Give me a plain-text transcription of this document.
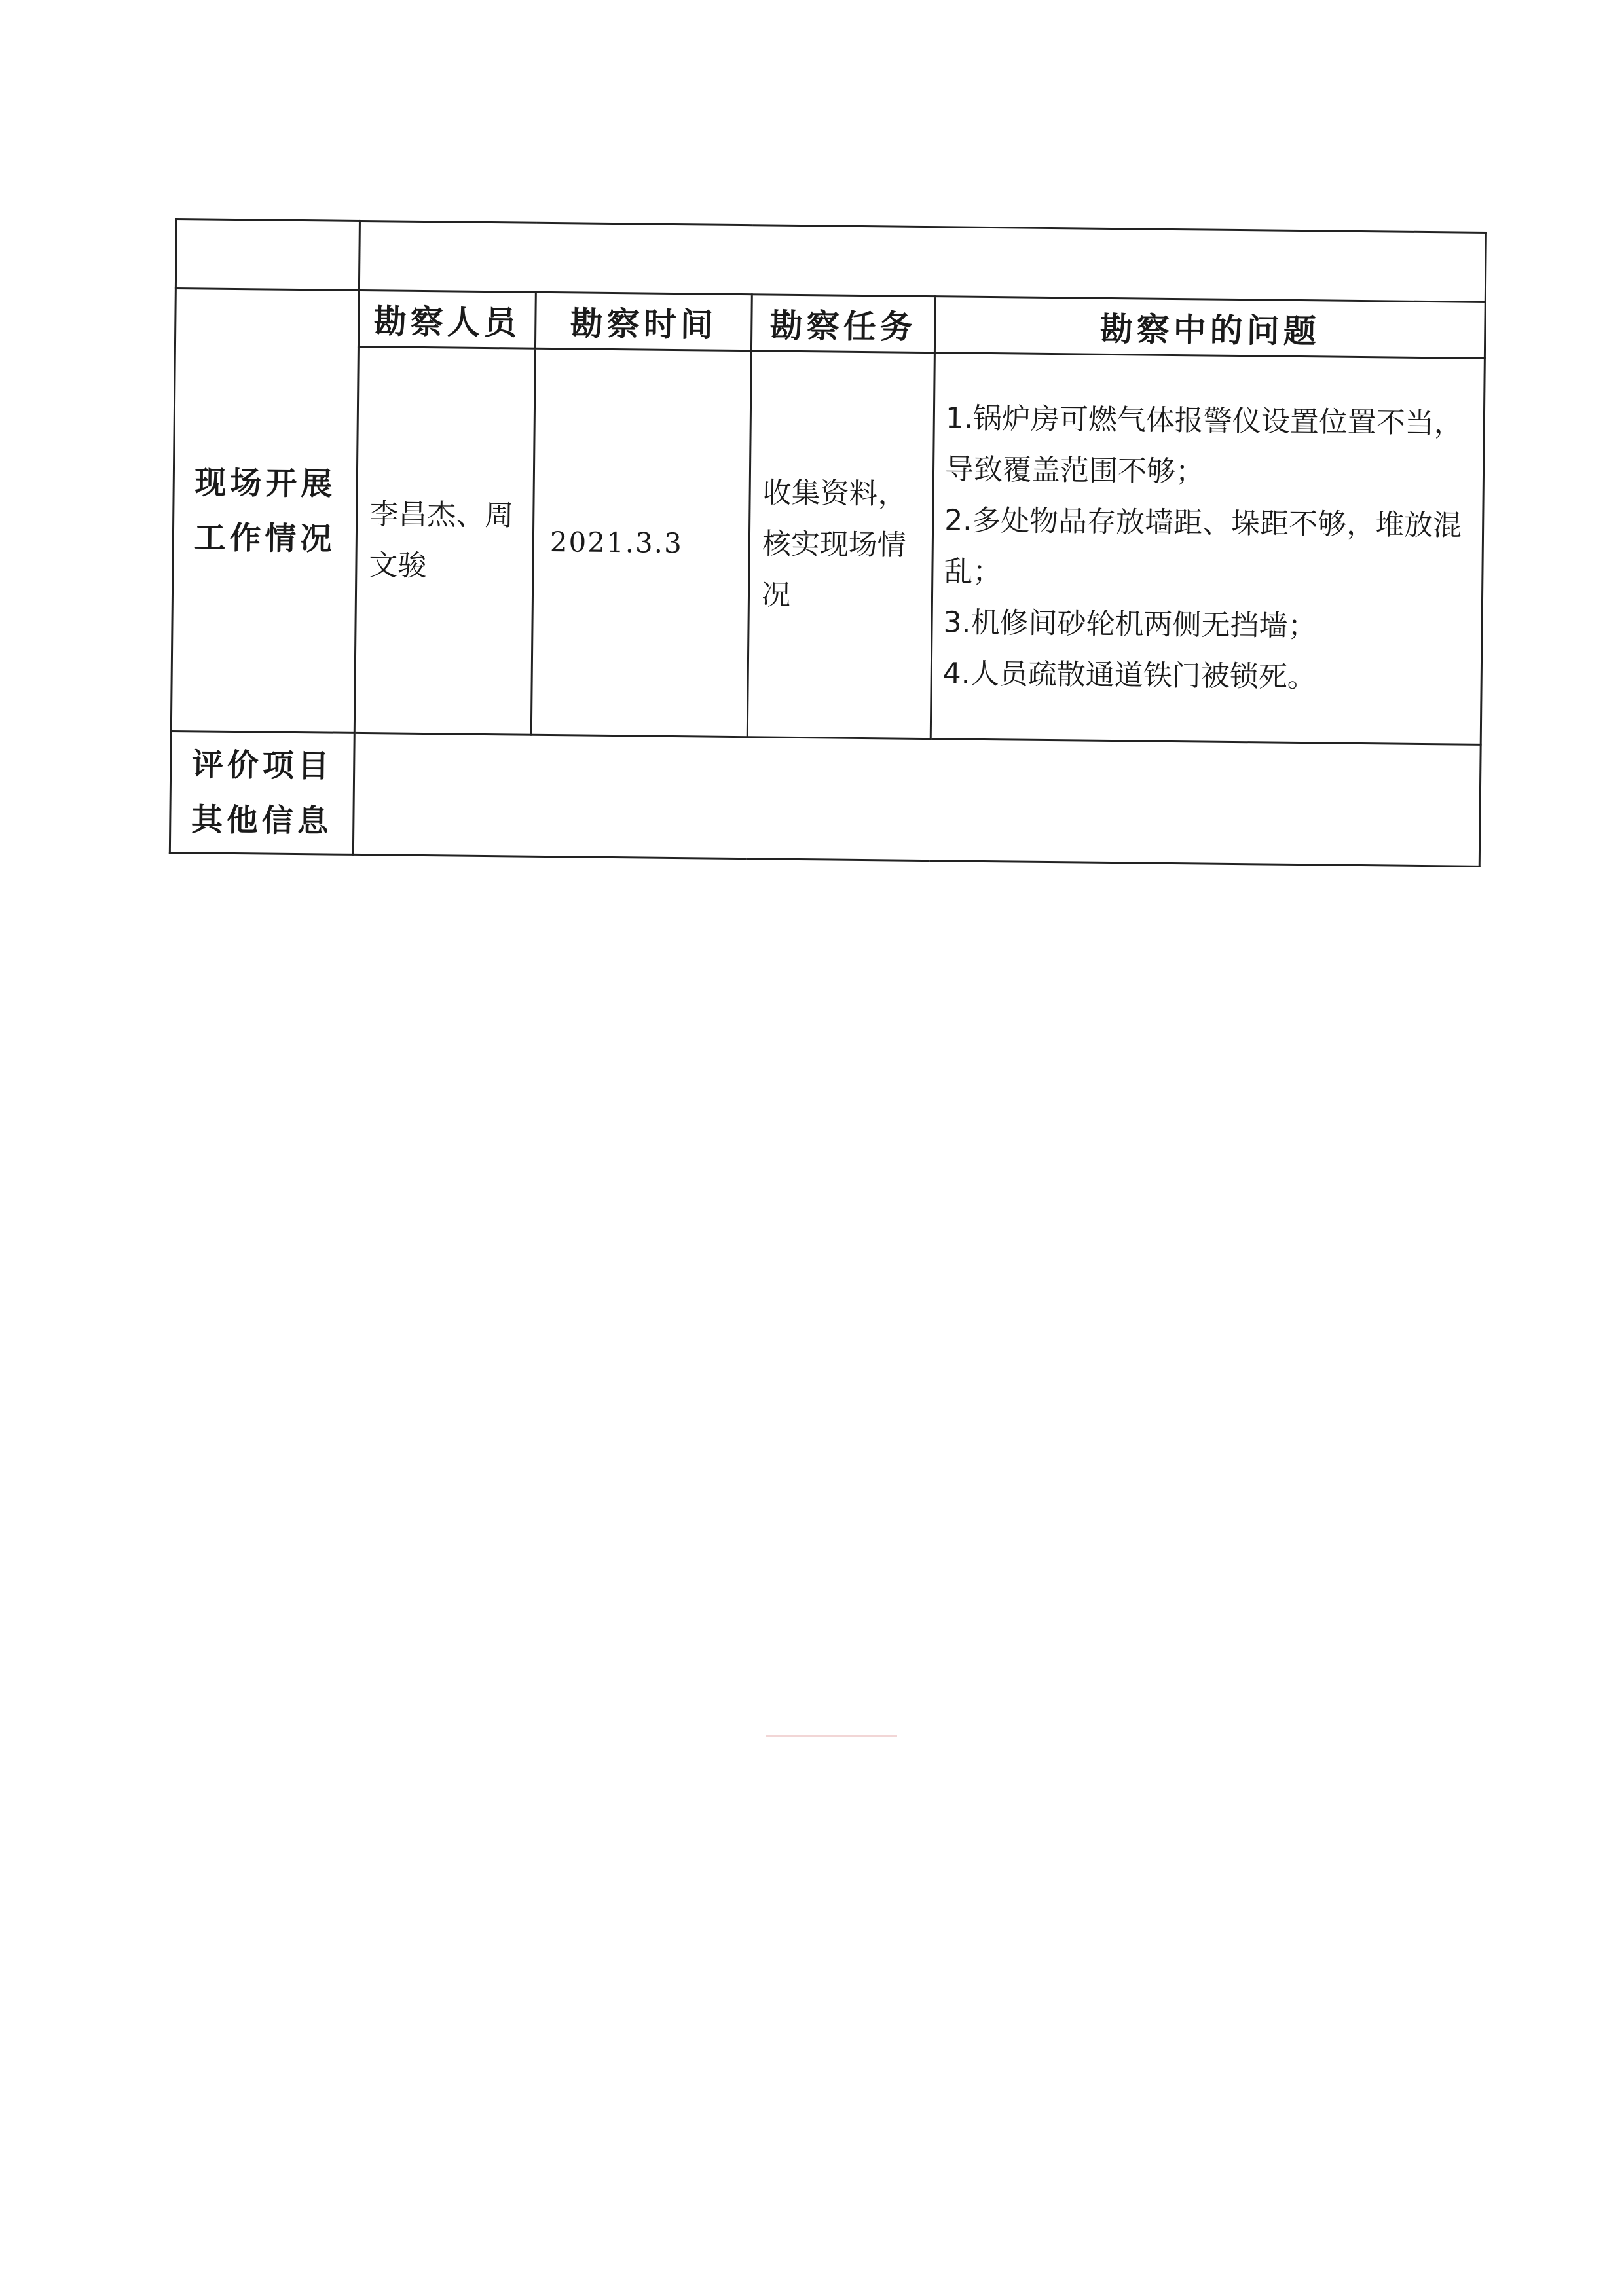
现场开展
工作情况	勘察人员	勘察时间	勘察任务	勘察中的问题
	李昌杰、周文骏	2021.3.3	收集资料，核实现场情况	1.锅炉房可燃气体报警仪设置位置不当，导致覆盖范围不够；
2.多处物品存放墙距、垛距不够，堆放混乱；
3.机修间砂轮机两侧无挡墙；
4.人员疏散通道铁门被锁死。

评价项目
其他信息				
